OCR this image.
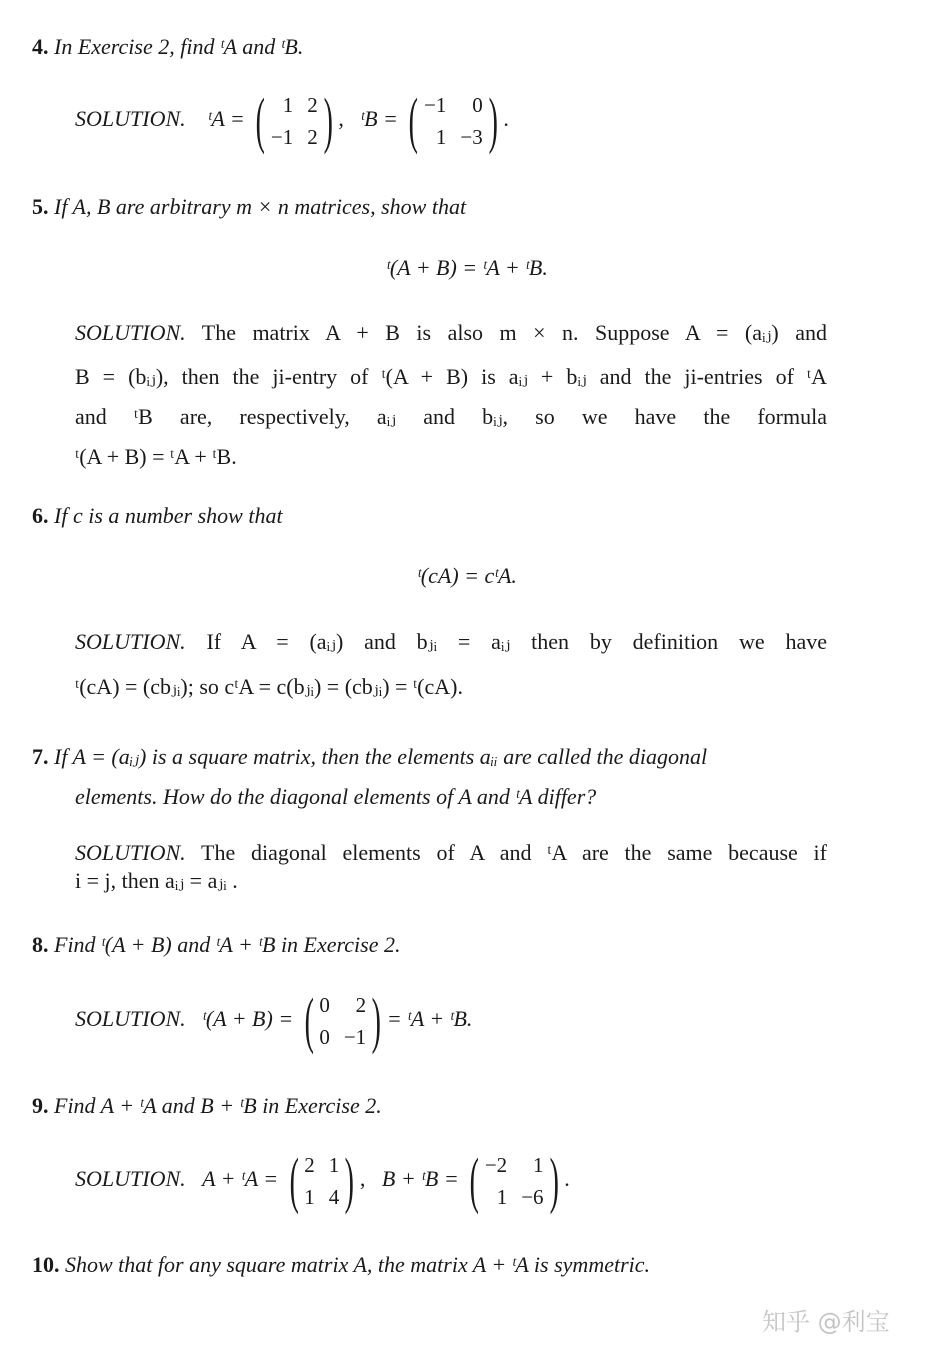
4. In Exercise 2, find ᵗA and ᵗB.
SOLUTION. ᵗA = ( 1 2
−1 2 ) , ᵗB = ( −1	0
1 −3 ) .
5. If A, B are arbitrary m × n matrices, show that
ᵗ(A + B) = ᵗA + ᵗB.
SOLUTION. The matrix A + B is also m × n. Suppose A = (aᵢⱼ) and
B = (bᵢⱼ), then the ji-entry of ᵗ(A + B) is aᵢⱼ + bᵢⱼ and the ji-entries of ᵗA
and ᵗB are, respectively, aᵢⱼ and bᵢⱼ, so we have the formula
ᵗ(A + B) = ᵗA + ᵗB.
6. If c is a number show that
ᵗ(cA) = cᵗA.
SOLUTION. If A = (aᵢⱼ) and bⱼᵢ = aᵢⱼ then by definition we have
ᵗ(cA) = (cbⱼᵢ); so cᵗA = c(bⱼᵢ) = (cbⱼᵢ) = ᵗ(cA).
7. If A = (aᵢⱼ) is a square matrix, then the elements aᵢᵢ are called the diagonal
elements. How do the diagonal elements of A and ᵗA differ?
SOLUTION. The diagonal elements of A and ᵗA are the same because if
i = j, then aᵢⱼ = aⱼᵢ .
8. Find ᵗ(A + B) and ᵗA + ᵗB in Exercise 2.
SOLUTION. ᵗ(A + B) = ( 0	2
0 −1 ) = ᵗA + ᵗB.
9. Find A + ᵗA and B + ᵗB in Exercise 2.
SOLUTION. A + ᵗA = ( 2 1
1 4 ) , B + ᵗB = ( −2	1
1 −6 ) .
10. Show that for any square matrix A, the matrix A + ᵗA is symmetric.
知乎 @利宝
